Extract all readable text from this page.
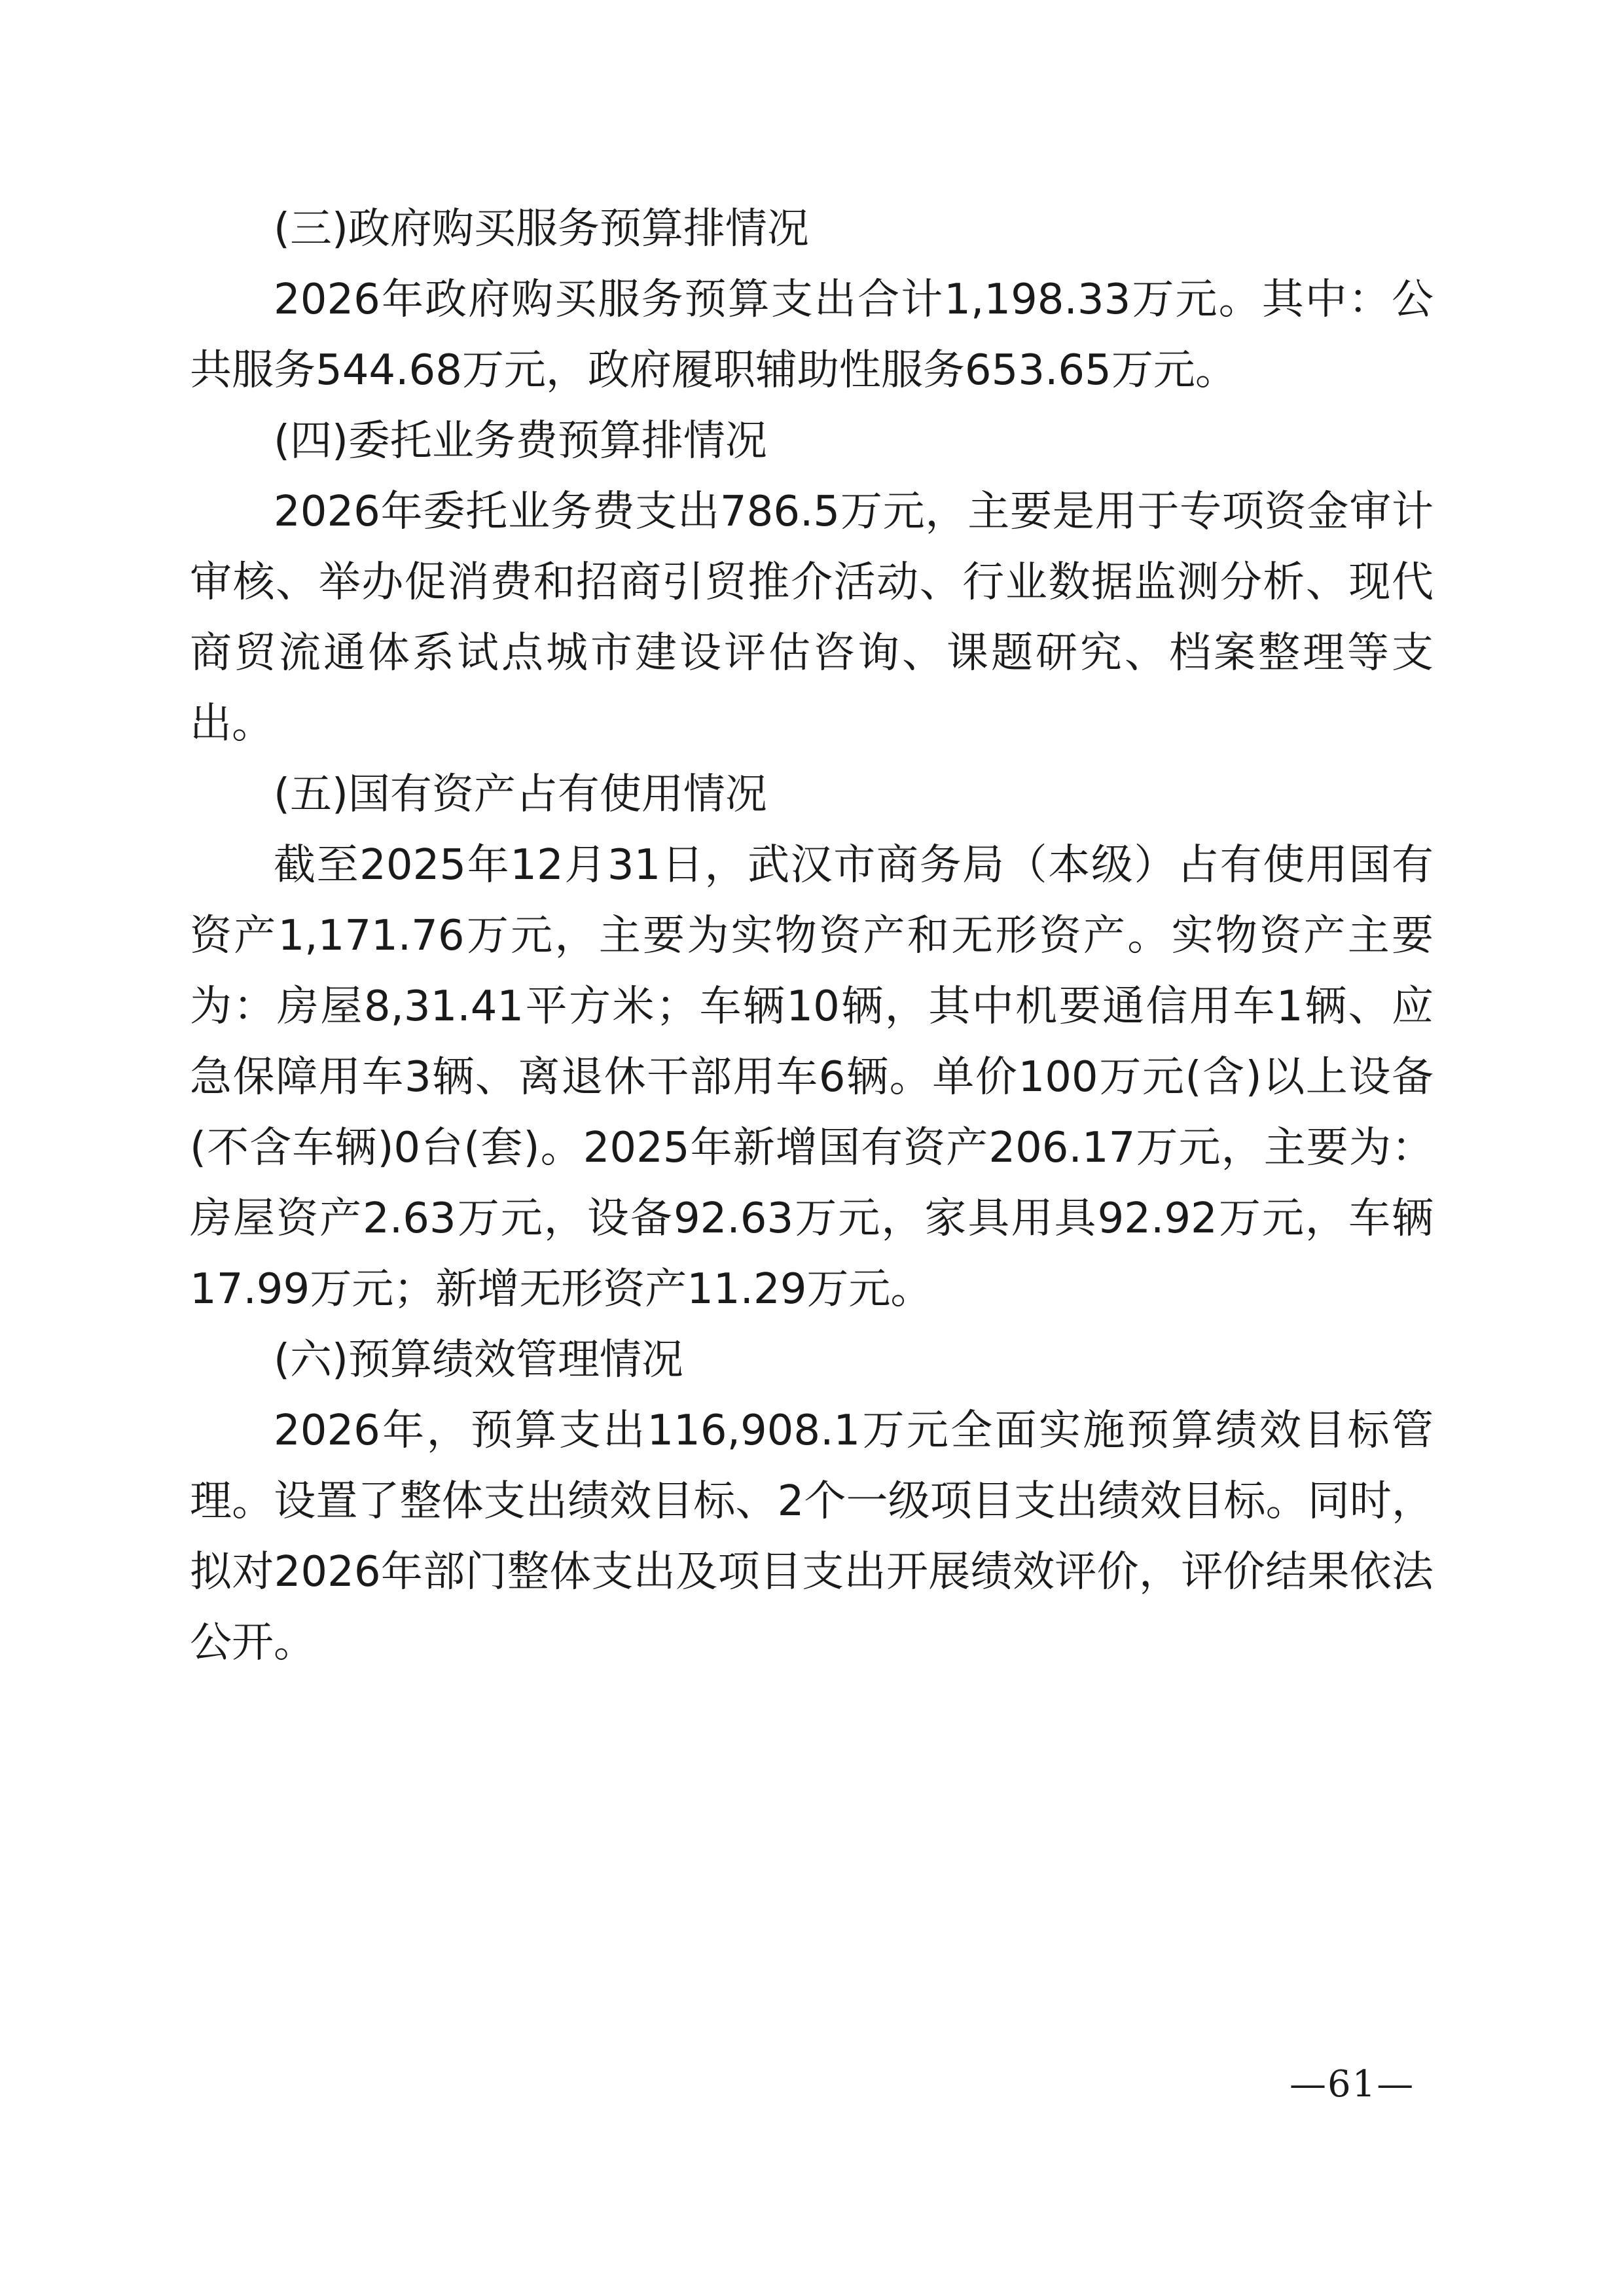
(三)政府购买服务预算排情况

2026年政府购买服务预算支出合计1,198.33万元。其中：公共服务544.68万元，政府履职辅助性服务653.65万元。

(四)委托业务费预算排情况

2026年委托业务费支出786.5万元，主要是用于专项资金审计审核、举办促消费和招商引贸推介活动、行业数据监测分析、现代商贸流通体系试点城市建设评估咨询、课题研究、档案整理等支出。

(五)国有资产占有使用情况

截至2025年12月31日，武汉市商务局（本级）占有使用国有资产1,171.76万元，主要为实物资产和无形资产。实物资产主要为：房屋8,31.41平方米；车辆10辆，其中机要通信用车1辆、应急保障用车3辆、离退休干部用车6辆。单价100万元(含)以上设备(不含车辆)0台(套)。2025年新增国有资产206.17万元，主要为：房屋资产2.63万元，设备92.63万元，家具用具92.92万元，车辆17.99万元；新增无形资产11.29万元。

(六)预算绩效管理情况

2026年，预算支出116,908.1万元全面实施预算绩效目标管理。设置了整体支出绩效目标、2个一级项目支出绩效目标。同时，拟对2026年部门整体支出及项目支出开展绩效评价，评价结果依法公开。

—61—
